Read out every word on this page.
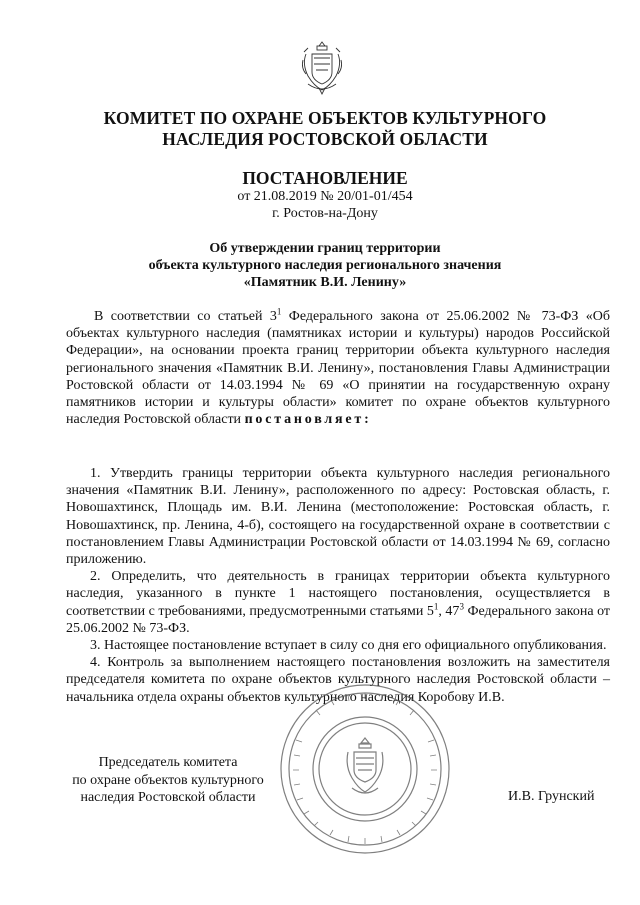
КОМИТЕТ ПО ОХРАНЕ ОБЪЕКТОВ КУЛЬТУРНОГО
НАСЛЕДИЯ РОСТОВСКОЙ ОБЛАСТИ
ПОСТАНОВЛЕНИЕ
от 21.08.2019 № 20/01-01/454
г. Ростов-на-Дону
Об утверждении границ территории
объекта культурного наследия регионального значения
«Памятник В.И. Ленину»

В соответствии со статьей $3^1$ Федерального закона от 25.06.2002 № 73-ФЗ «Об объектах культурного наследия (памятниках истории и культуры) народов Российской Федерации», на основании проекта границ территории объекта культурного наследия регионального значения «Памятник В.И. Ленину», постановления Главы Администрации Ростовской области от 14.03.1994 № 69 «О принятии на государственную охрану памятников истории и культуры области» комитет по охране объектов культурного наследия Ростовской области постановляет:

1. Утвердить границы территории объекта культурного наследия регионального значения «Памятник В.И. Ленину», расположенного по адресу: Ростовская область, г. Новошахтинск, Площадь им. В.И. Ленина (местоположение: Ростовская область, г. Новошахтинск, пр. Ленина, 4-б), состоящего на государственной охране в соответствии с постановлением Главы Администрации Ростовской области от 14.03.1994 № 69, согласно приложению.

2. Определить, что деятельность в границах территории объекта культурного наследия, указанного в пункте 1 настоящего постановления, осуществляется в соответствии с требованиями, предусмотренными статьями $5^1$, $47^3$ Федерального закона от 25.06.2002 № 73-ФЗ.

3. Настоящее постановление вступает в силу со дня его официального опубликования.

4. Контроль за выполнением настоящего постановления возложить на заместителя председателя комитета по охране объектов культурного наследия Ростовской области – начальника отдела охраны объектов культурного наследия Коробову И.В.

Председатель комитета
по охране объектов культурного
наследия Ростовской области	И.В. Грунский
